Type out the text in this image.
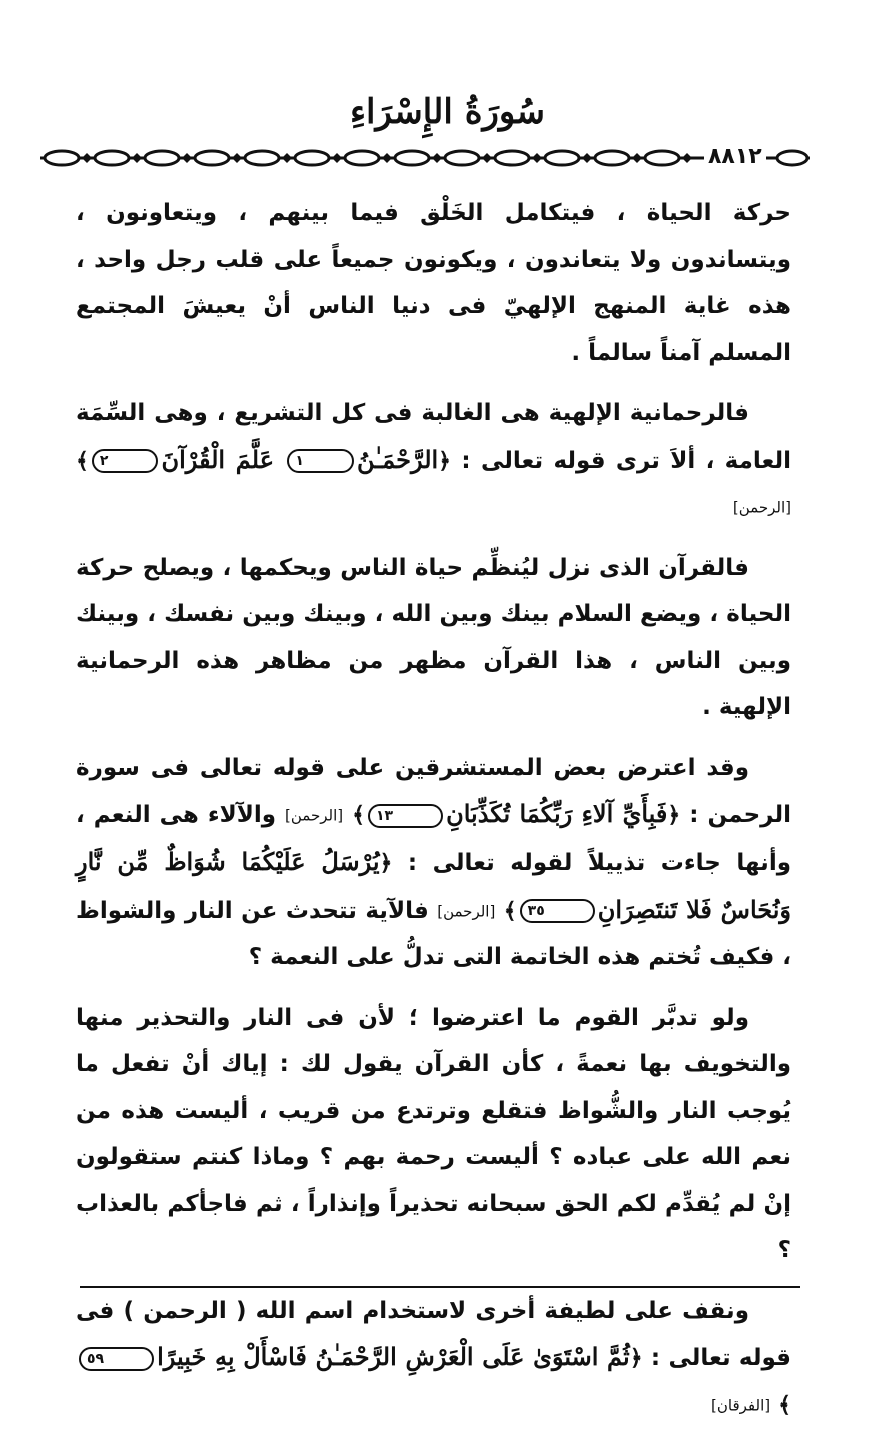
سُورَةُ الإِسْرَاءِ
٨٨١٢

حركة الحياة ، فيتكامل الخَلْق فيما بينهم ، ويتعاونون ، ويتساندون ولا يتعاندون ، ويكونون جميعاً على قلب رجل واحد ، هذه غاية المنهج الإلهيّ فى دنيا الناس أنْ يعيشَ المجتمع المسلم آمناً سالماً .

فالرحمانية الإلهية هى الغالبة فى كل التشريع ، وهى السِّمَة العامة ، ألاَ ترى قوله تعالى : ﴿الرَّحْمَـٰنُ١ عَلَّمَ الْقُرْآنَ٢﴾[الرحمن]

فالقرآن الذى نزل ليُنظِّم حياة الناس ويحكمها ، ويصلح حركة الحياة ، ويضع السلام بينك وبين الله ، وبينك وبين نفسك ، وبينك وبين الناس ، هذا القرآن مظهر من مظاهر هذه الرحمانية الإلهية .

وقد اعترض بعض المستشرقين على قوله تعالى فى سورة الرحمن : ﴿فَبِأَيِّ آلاءِ رَبِّكُمَا تُكَذِّبَانِ١٣﴾ [الرحمن] والآلاء هى النعم ، وأنها جاءت تذييلاً لقوله تعالى : ﴿يُرْسَلُ عَلَيْكُمَا شُوَاظٌ مِّن نَّارٍ وَنُحَاسٌ فَلا تَنتَصِرَانِ٣٥﴾ [الرحمن] فالآية تتحدث عن النار والشواظ ، فكيف تُختم هذه الخاتمة التى تدلُّ على النعمة ؟

ولو تدبَّر القوم ما اعترضوا ؛ لأن فى النار والتحذير منها والتخويف بها نعمةً ، كأن القرآن يقول لك : إياك أنْ تفعل ما يُوجب النار والشُّواظ فتقلع وترتدع من قريب ، أليست هذه من نعم الله على عباده ؟ أليست رحمة بهم ؟ وماذا كنتم ستقولون إنْ لم يُقدِّم لكم الحق سبحانه تحذيراً وإنذاراً ، ثم فاجأكم بالعذاب ؟

ونقف على لطيفة أخرى لاستخدام اسم الله ( الرحمن ) فى قوله تعالى : ﴿ثُمَّ اسْتَوَىٰ عَلَى الْعَرْشِ الرَّحْمَـٰنُ فَاسْأَلْ بِهِ خَبِيرًا٥٩﴾ [الفرقان]
